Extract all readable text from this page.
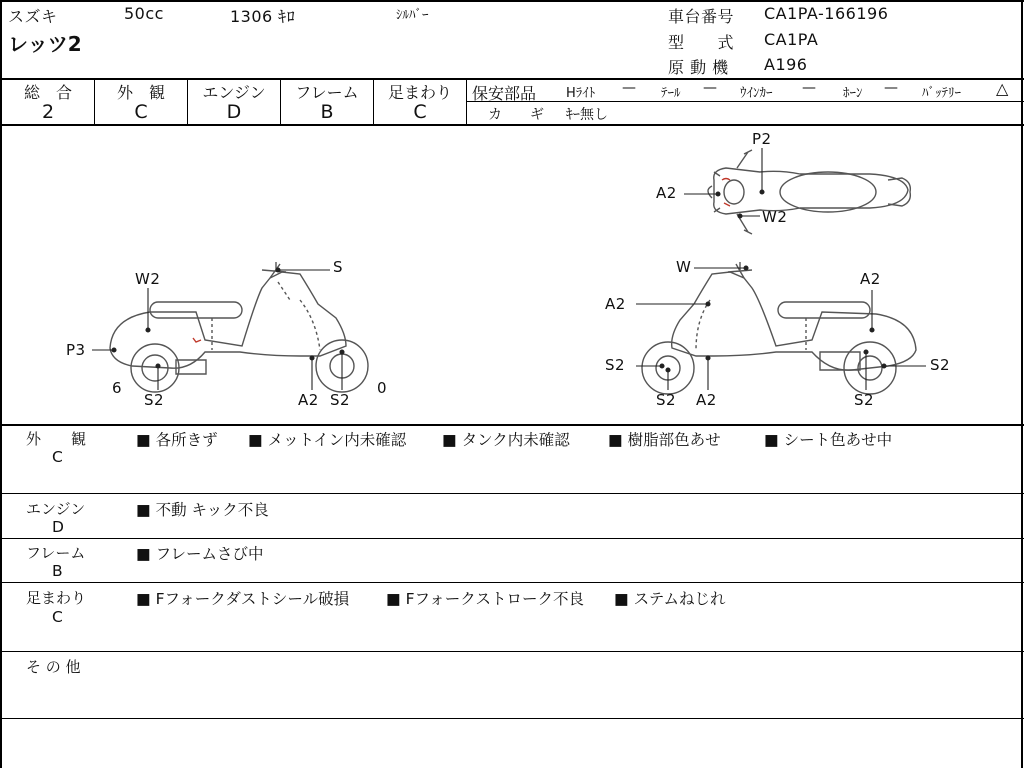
スズキ
レッツ2
50cc	1306 ｷﾛ	ｼﾙﾊﾞｰ	車台番号 CA1PA-166196
型　　式 CA1PA
原 動 機 A196
総　合
2
外　観
C
エンジン
D
フレーム
B
足まわり
C
保安部品 Hﾗｲﾄ — ﾃｰﾙ — ｳｲﾝｶｰ — ﾎｰﾝ — ﾊﾞｯﾃﾘｰ △
カ　　ギ ｷｰ無し
P2
A2
W2
S
W2
P3
6
S2	A2 S2
0
W
A2
A2
S2
S2 A2
S2
S2
外　　観
C
■ 各所きず ■ メットイン内未確認 ■ タンク内未確認 ■ 樹脂部色あせ	■ シート色あせ中
エンジン
D
■ 不動 キック不良
フレーム
B
■ フレームさび中
足まわり
C
■ Fフォークダストシール破損 ■ Fフォークストローク不良 ■ ステムねじれ
そ の 他
